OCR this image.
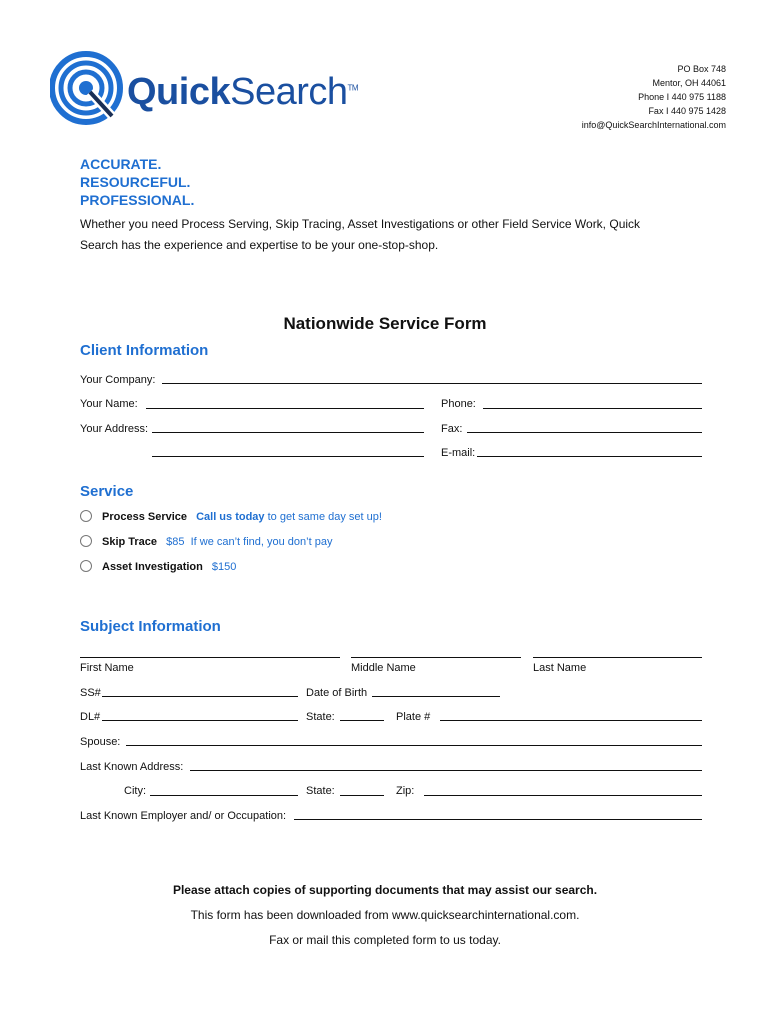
QuickSearch™
PO Box 748
Mentor, OH 44061
Phone I 440 975 1188
Fax I 440 975 1428
info@QuickSearchInternational.com
ACCURATE.
RESOURCEFUL.
PROFESSIONAL.
Whether you need Process Serving, Skip Tracing, Asset Investigations or other Field Service Work, Quick Search has the experience and expertise to be your one-stop-shop.
Nationwide Service Form
Client Information
Your Company:
Your Name:	Phone:
Your Address:	Fax:
E-mail:
Service
Process Service Call us today to get same day set up!
Skip Trace $85 If we can’t find, you don’t pay
Asset Investigation $150
Subject Information
First Name	Middle Name	Last Name
SS#	Date of Birth
DL#	State:	Plate #
Spouse:
Last Known Address:
City:	State:	Zip:
Last Known Employer and/ or Occupation:
Please attach copies of supporting documents that may assist our search.
This form has been downloaded from www.quicksearchinternational.com.
Fax or mail this completed form to us today.
